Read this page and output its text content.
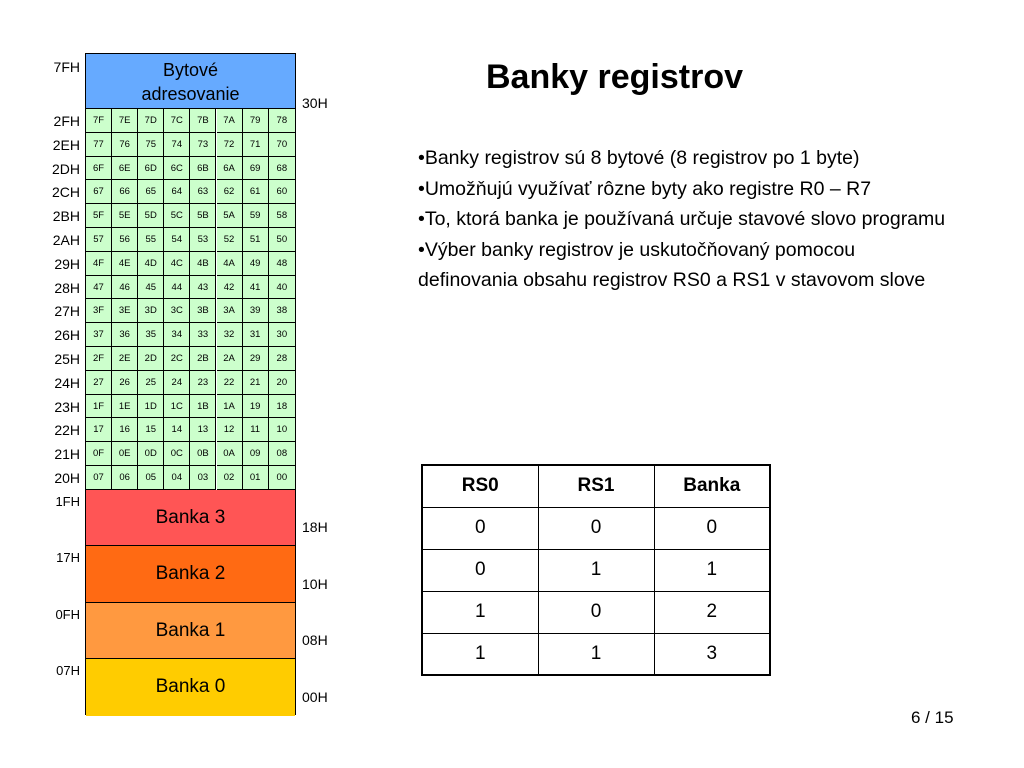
Banky registrov
7FH
30H
Bytové
adresovanie
7F	7E	7D	7C	7B	7A	79	78
77	76	75	74	73	72	71	70
6F	6E	6D	6C	6B	6A	69	68
67	66	65	64	63	62	61	60
5F	5E	5D	5C	5B	5A	59	58
57	56	55	54	53	52	51	50
4F	4E	4D	4C	4B	4A	49	48
47	46	45	44	43	42	41	40
3F	3E	3D	3C	3B	3A	39	38
37	36	35	34	33	32	31	30
2F	2E	2D	2C	2B	2A	29	28
27	26	25	24	23	22	21	20
1F	1E	1D	1C	1B	1A	19	18
17	16	15	14	13	12	11	10
0F	0E	0D	0C	0B	0A	09	08
07	06	05	04	03	02	01	00
Banka 3
Banka 2
Banka 1
Banka 0
2FH
2EH
2DH
2CH
2BH
2AH
29H
28H
27H
26H
25H
24H
23H
22H
21H
20H
1FH
18H
17H
10H
0FH
08H
07H
00H
•Banky registrov sú 8 bytové (8 registrov po 1 byte)
•Umožňujú využívať rôzne byty ako registre R0 – R7
•To, ktorá banka je používaná určuje stavové slovo programu
•Výber banky registrov je uskutočňovaný pomocou definovania obsahu registrov RS0 a RS1 v stavovom slove
RS0	RS1	Banka
0	0	0
0	1	1
1	0	2
1	1	3
6 / 15
